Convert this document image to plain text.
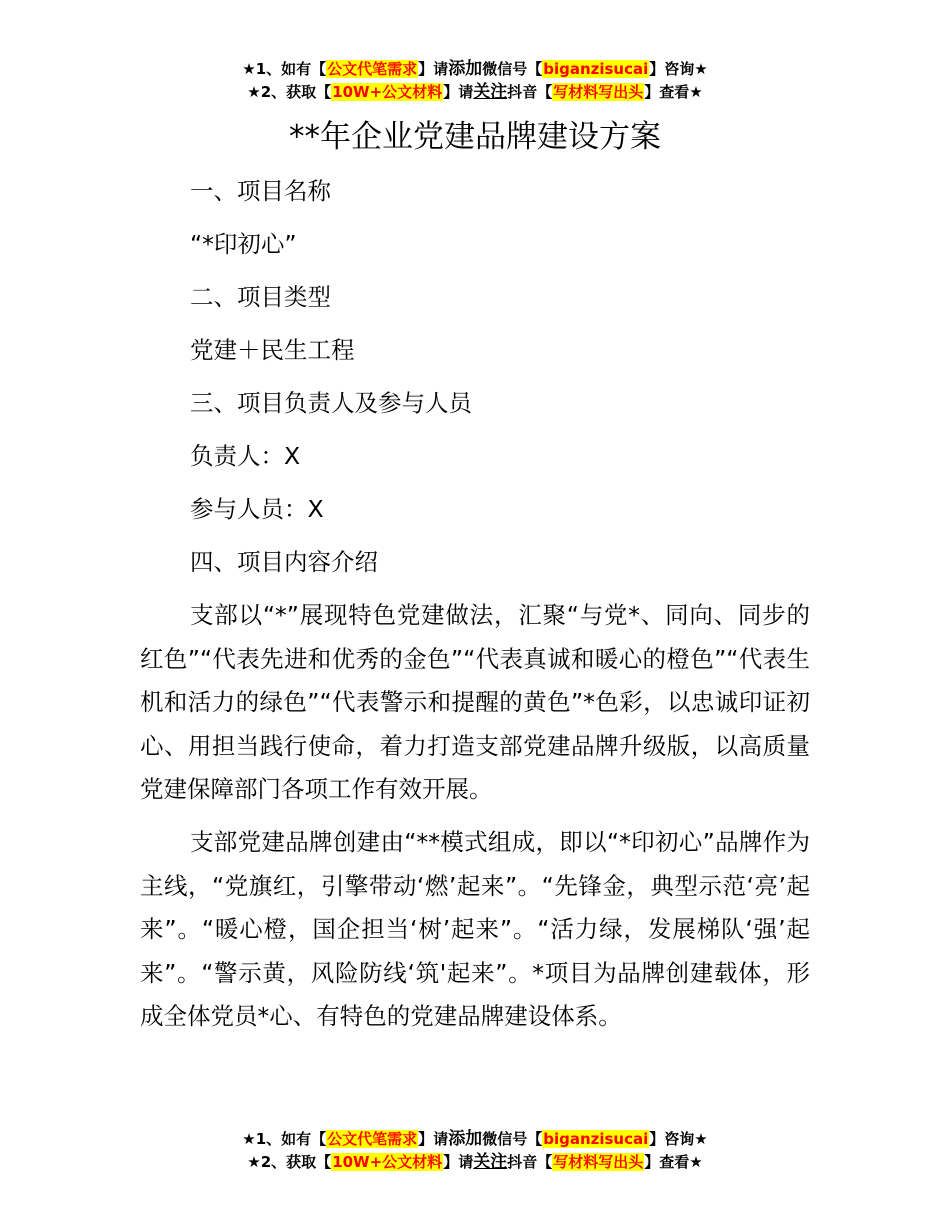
★1、如有【公文代笔需求】请添加微信号【biganzisucai】咨询★
★2、获取【10W+公文材料】请关注抖音【写材料写出头】查看★
**年企业党建品牌建设方案

一、项目名称

“*印初心”

二、项目类型

党建＋民生工程

三、项目负责人及参与人员

负责人：X

参与人员：X

四、项目内容介绍

支部以“*”展现特色党建做法，汇聚“与党*、同向、同步的红色”“代表先进和优秀的金色”“代表真诚和暖心的橙色”“代表生机和活力的绿色”“代表警示和提醒的黄色”*色彩，以忠诚印证初心、用担当践行使命，着力打造支部党建品牌升级版，以高质量党建保障部门各项工作有效开展。

支部党建品牌创建由“**模式组成，即以“*印初心”品牌作为主线，“党旗红，引擎带动‘燃’起来”。“先锋金，典型示范‘亮’起来”。“暖心橙，国企担当‘树’起来”。“活力绿，发展梯队‘强’起来”。“警示黄，风险防线‘筑'起来”。*项目为品牌创建载体，形成全体党员*心、有特色的党建品牌建设体系。

★1、如有【公文代笔需求】请添加微信号【biganzisucai】咨询★
★2、获取【10W+公文材料】请关注抖音【写材料写出头】查看★
